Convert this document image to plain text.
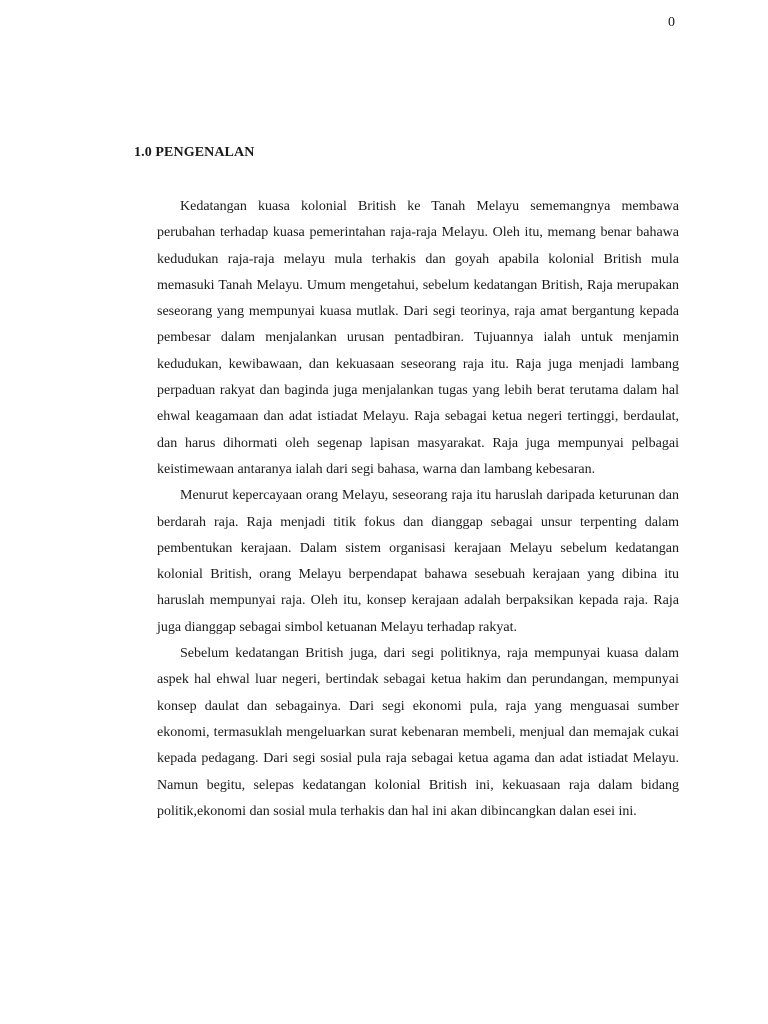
0
1.0 PENGENALAN

Kedatangan kuasa kolonial British ke Tanah Melayu sememangnya membawa perubahan terhadap kuasa pemerintahan raja-raja Melayu. Oleh itu, memang benar bahawa kedudukan raja-raja melayu mula terhakis dan goyah apabila kolonial British mula memasuki Tanah Melayu. Umum mengetahui, sebelum kedatangan British, Raja merupakan seseorang yang mempunyai kuasa mutlak. Dari segi teorinya, raja amat bergantung kepada pembesar dalam menjalankan urusan pentadbiran. Tujuannya ialah untuk menjamin kedudukan, kewibawaan, dan kekuasaan seseorang raja itu. Raja juga menjadi lambang perpaduan rakyat dan baginda juga menjalankan tugas yang lebih berat terutama dalam hal ehwal keagamaan dan adat istiadat Melayu. Raja sebagai ketua negeri tertinggi, berdaulat, dan harus dihormati oleh segenap lapisan masyarakat. Raja juga mempunyai pelbagai keistimewaan antaranya ialah dari segi bahasa, warna dan lambang kebesaran.

Menurut kepercayaan orang Melayu, seseorang raja itu haruslah daripada keturunan dan berdarah raja. Raja menjadi titik fokus dan dianggap sebagai unsur terpenting dalam pembentukan kerajaan. Dalam sistem organisasi kerajaan Melayu sebelum kedatangan kolonial British, orang Melayu berpendapat bahawa sesebuah kerajaan yang dibina itu haruslah mempunyai raja. Oleh itu, konsep kerajaan adalah berpaksikan kepada raja. Raja juga dianggap sebagai simbol ketuanan Melayu terhadap rakyat.

Sebelum kedatangan British juga, dari segi politiknya, raja mempunyai kuasa dalam aspek hal ehwal luar negeri, bertindak sebagai ketua hakim dan perundangan, mempunyai konsep daulat dan sebagainya. Dari segi ekonomi pula, raja yang menguasai sumber ekonomi, termasuklah mengeluarkan surat kebenaran membeli, menjual dan memajak cukai kepada pedagang. Dari segi sosial pula raja sebagai ketua agama dan adat istiadat Melayu. Namun begitu, selepas kedatangan kolonial British ini, kekuasaan raja dalam bidang politik,ekonomi dan sosial mula terhakis dan hal ini akan dibincangkan dalan esei ini.
